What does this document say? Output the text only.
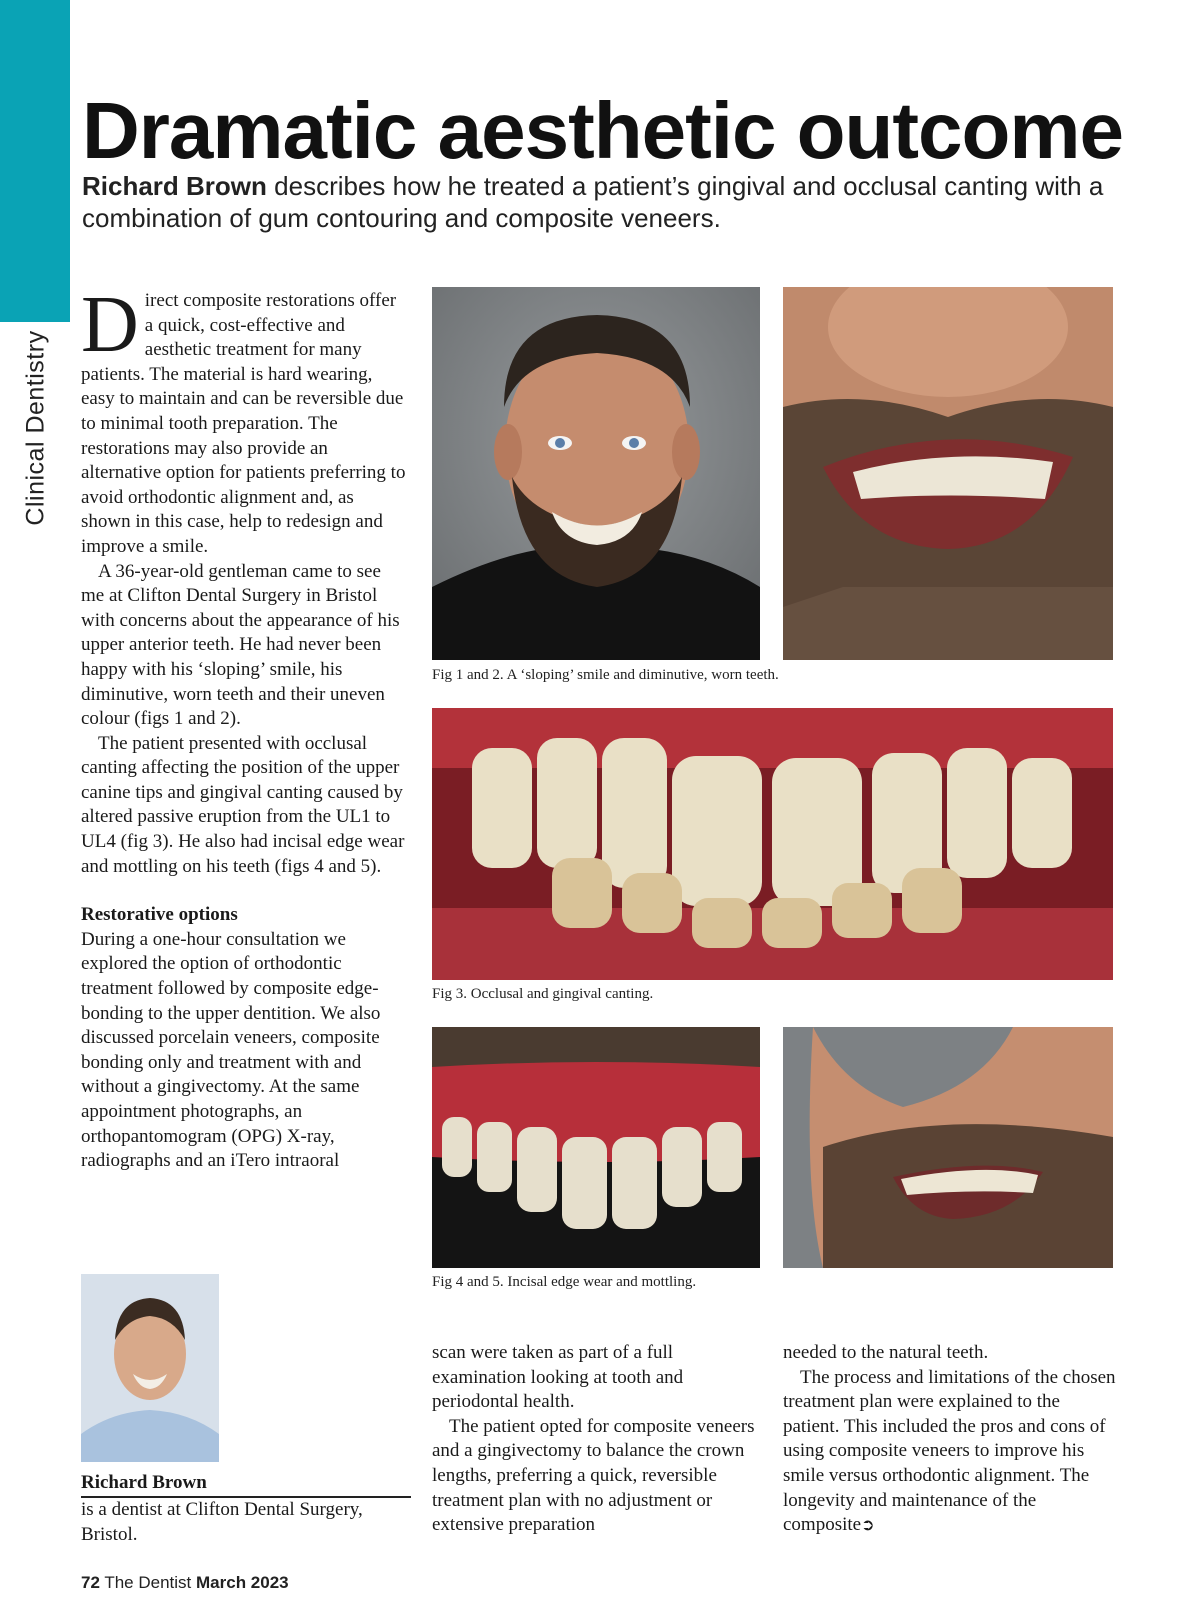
Clinical Dentistry
Dramatic aesthetic outcome

Richard Brown describes how he treated a patient’s gingival and occlusal canting with a combination of gum contouring and composite veneers.

Direct composite restorations offer a quick, cost-effective and aesthetic treatment for many patients. The material is hard wearing, easy to maintain and can be reversible due to minimal tooth preparation. The restorations may also provide an alternative option for patients preferring to avoid orthodontic alignment and, as shown in this case, help to redesign and improve a smile.

A 36-year-old gentleman came to see me at Clifton Dental Surgery in Bristol with concerns about the appearance of his upper anterior teeth. He had never been happy with his ‘sloping’ smile, his diminutive, worn teeth and their uneven colour (figs 1 and 2).

The patient presented with occlusal canting affecting the position of the upper canine tips and gingival canting caused by altered passive eruption from the UL1 to UL4 (fig 3). He also had incisal edge wear and mottling on his teeth (figs 4 and 5).

Restorative options

During a one-hour consultation we explored the option of orthodontic treatment followed by composite edge-bonding to the upper dentition. We also discussed porcelain veneers, composite bonding only and treatment with and without a gingivectomy. At the same appointment photographs, an orthopantomogram (OPG) X-ray, radiographs and an iTero intraoral

Fig 1 and 2. A ‘sloping’ smile and diminutive, worn teeth.
Fig 3. Occlusal and gingival canting.
Fig 4 and 5. Incisal edge wear and mottling.
Richard Brown
is a dentist at Clifton Dental Surgery, Bristol.

scan were taken as part of a full examination looking at tooth and periodontal health.

The patient opted for composite veneers and a gingivectomy to balance the crown lengths, preferring a quick, reversible treatment plan with no adjustment or extensive preparation

needed to the natural teeth.

The process and limitations of the chosen treatment plan were explained to the patient. This included the pros and cons of using composite veneers to improve his smile versus orthodontic alignment. The longevity and maintenance of the composite➲

72 The Dentist March 2023
